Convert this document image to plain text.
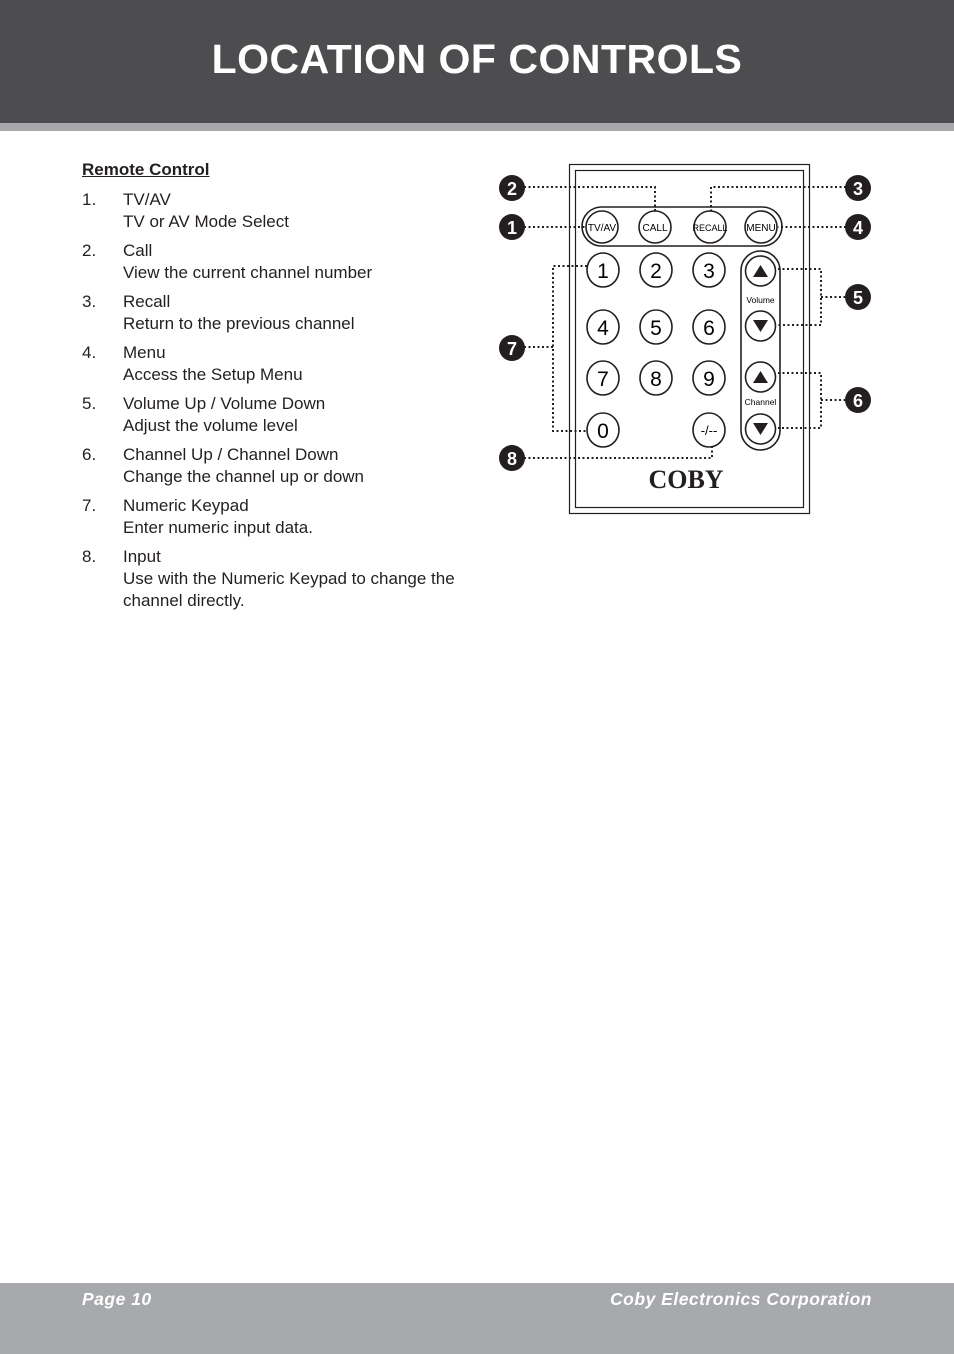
LOCATION OF CONTROLS
Remote Control
1. TV/AV
TV or AV Mode Select
2. Call
View the current channel number
3. Recall
Return to the previous channel
4. Menu
Access the Setup Menu
5. Volume Up / Volume Down
Adjust the volume level
6. Channel Up / Channel Down
Change the channel up or down
7. Numeric Keypad
Enter numeric input data.
8. Input
Use with the Numeric Keypad to change the channel directly.
TV/AV	CALL	RECALL MENU
1 2 3
4 5 6
7 8 9
0	-/--
Volume
Channel
COBY
2
1
7
8
3
4
5
6
Page 10	Coby Electronics Corporation
